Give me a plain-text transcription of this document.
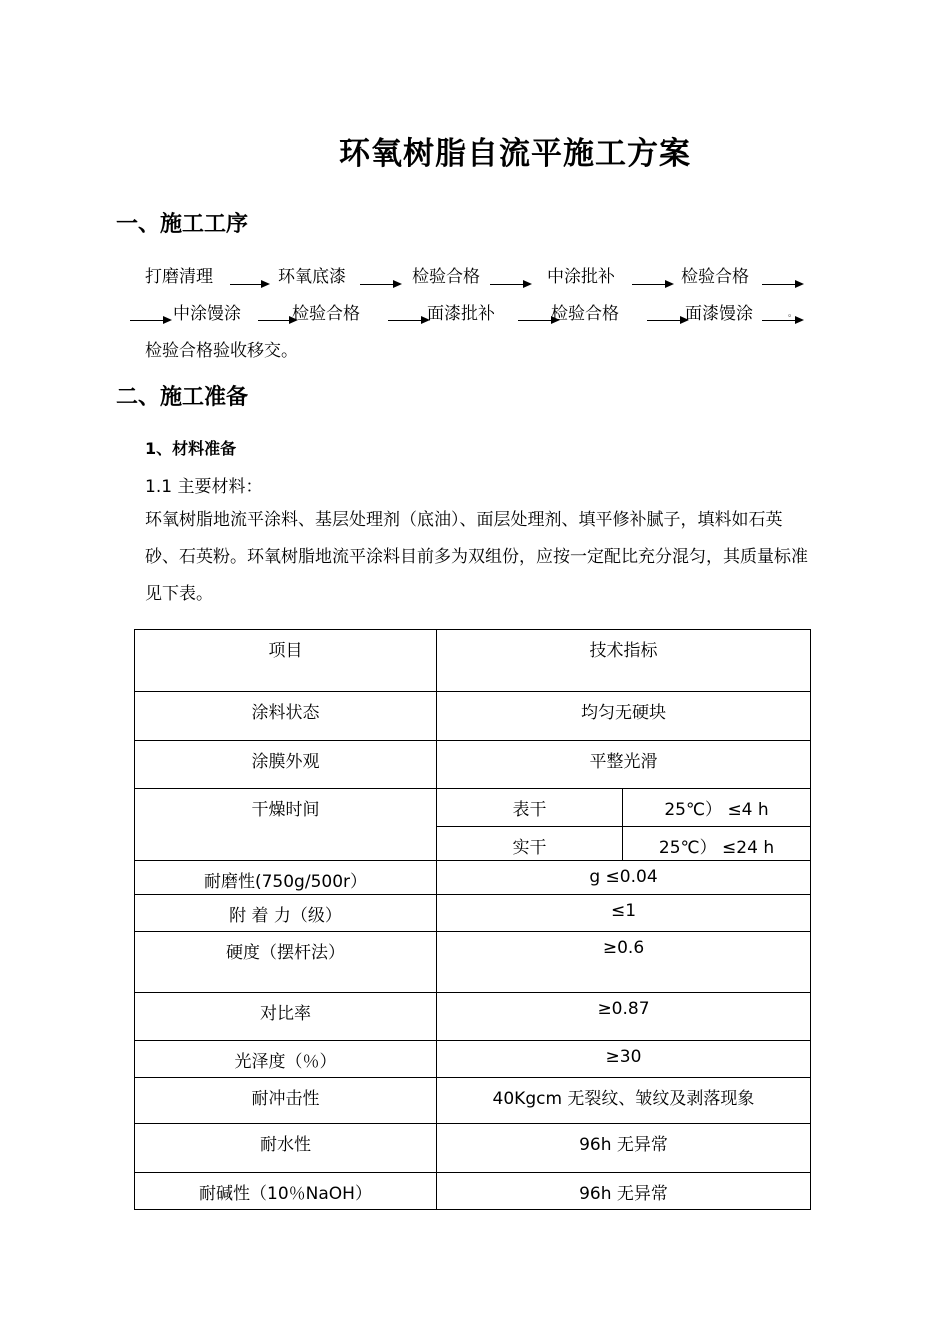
环氧树脂自流平施工方案
一、施工工序
打磨清理	环氧底漆	检验合格	中涂批补	检验合格
中涂馒涂	检验合格	面漆批补	检验合格	面漆馒涂	。
检验合格验收移交。
二、施工准备
1、材料准备
1.1 主要材料：
环氧树脂地流平涂料、基层处理剂（底油）、面层处理剂、填平修补腻子，填料如石英砂、石英粉。环氧树脂地流平涂料目前多为双组份，应按一定配比充分混匀，其质量标准见下表。
项目	技术指标	
涂料状态	均匀无硬块	
涂膜外观	平整光滑	
干燥时间	表干	25℃） ≤4 h
	实干	25℃） ≤24 h
耐磨性(750g/500r）	g ≤0.04	
附 着 力（级）	≤1	
硬度（摆杆法）	≥0.6	
对比率	≥0.87	
光泽度（％）	≥30	
耐冲击性	40Kgcm 无裂纹、皱纹及剥落现象	
耐水性	96h 无异常	
耐碱性（10％NaOH）	96h 无异常	
